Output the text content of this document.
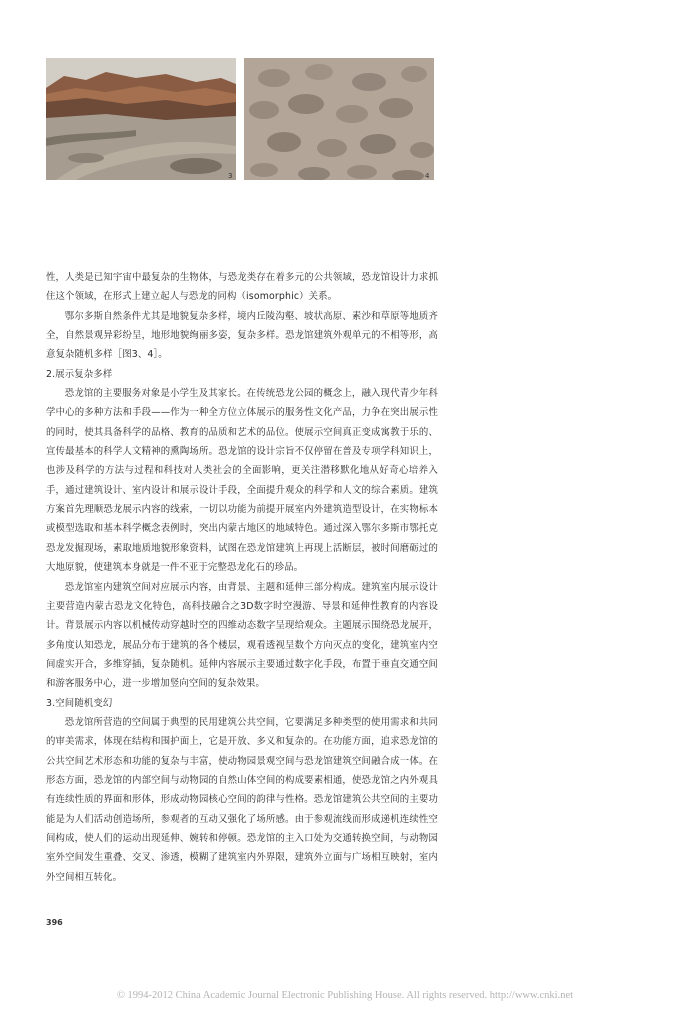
3	4

性，人类是已知宇宙中最复杂的生物体，与恐龙类存在着多元的公共领域，恐龙馆设计力求抓住这个领域，在形式上建立起人与恐龙的同构（isomorphic）关系。

鄂尔多斯自然条件尤其是地貌复杂多样，境内丘陵沟壑、坡状高原、素沙和草原等地质齐全，自然景观异彩纷呈，地形地貌绚丽多姿，复杂多样。恐龙馆建筑外观单元的不相等形，高意复杂随机多样［图3、4］。

2.展示复杂多样

恐龙馆的主要服务对象是小学生及其家长。在传统恐龙公园的概念上，融入现代青少年科学中心的多种方法和手段——作为一种全方位立体展示的服务性文化产品，力争在突出展示性的同时，使其具备科学的品格、教育的品质和艺术的品位。使展示空间真正变成寓教于乐的、宣传最基本的科学人文精神的熏陶场所。恐龙馆的设计宗旨不仅停留在普及专项学科知识上，也涉及科学的方法与过程和科技对人类社会的全面影响，更关注潜移默化地从好奇心培养入手，通过建筑设计、室内设计和展示设计手段，全面提升观众的科学和人文的综合素质。建筑方案首先理顺恐龙展示内容的线索，一切以功能为前提开展室内外建筑造型设计，在实物标本或模型选取和基本科学概念表例时，突出内蒙古地区的地域特色。通过深入鄂尔多斯市鄂托克恐龙发掘现场，素取地质地貌形象资料，试图在恐龙馆建筑上再现上活断层，被时间磨砺过的大地原貌，使建筑本身就是一件不亚于完整恐龙化石的珍品。

恐龙馆室内建筑空间对应展示内容，由背景、主题和延伸三部分构成。建筑室内展示设计主要营造内蒙古恐龙文化特色，高科技融合之3D数字时空漫游、导景和延伸性教育的内容设计。背景展示内容以机械传动穿越时空的四维动态数字呈现给观众。主题展示围绕恐龙展开，多角度认知恐龙，展品分布于建筑的各个楼层，观看透视呈数个方向灭点的变化，建筑室内空间虚实开合，多维穿插，复杂随机。延伸内容展示主要通过数字化手段，布置于垂直交通空间和游客服务中心，进一步增加竖向空间的复杂效果。

3.空间随机变幻

恐龙馆所营造的空间属于典型的民用建筑公共空间，它要满足多种类型的使用需求和共同的审美需求，体现在结构和围护面上，它是开放、多义和复杂的。在功能方面，追求恐龙馆的公共空间艺术形态和功能的复杂与丰富，使动物园景观空间与恐龙馆建筑空间融合成一体。在形态方面，恐龙馆的内部空间与动物园的自然山体空间的构成要素相通，使恐龙馆之内外观具有连续性质的界面和形体，形成动物园核心空间的韵律与性格。恐龙馆建筑公共空间的主要功能是为人们活动创造场所，参观者的互动又强化了场所感。由于参观流线而形成递机连续性空间构成，使人们的运动出现延伸、婉转和停顿。恐龙馆的主入口处为交通转换空间，与动物园室外空间发生重叠、交叉、渗透，模糊了建筑室内外界限，建筑外立面与广场相互映射，室内外空间相互转化。

396
© 1994-2012 China Academic Journal Electronic Publishing House. All rights reserved. http://www.cnki.net
